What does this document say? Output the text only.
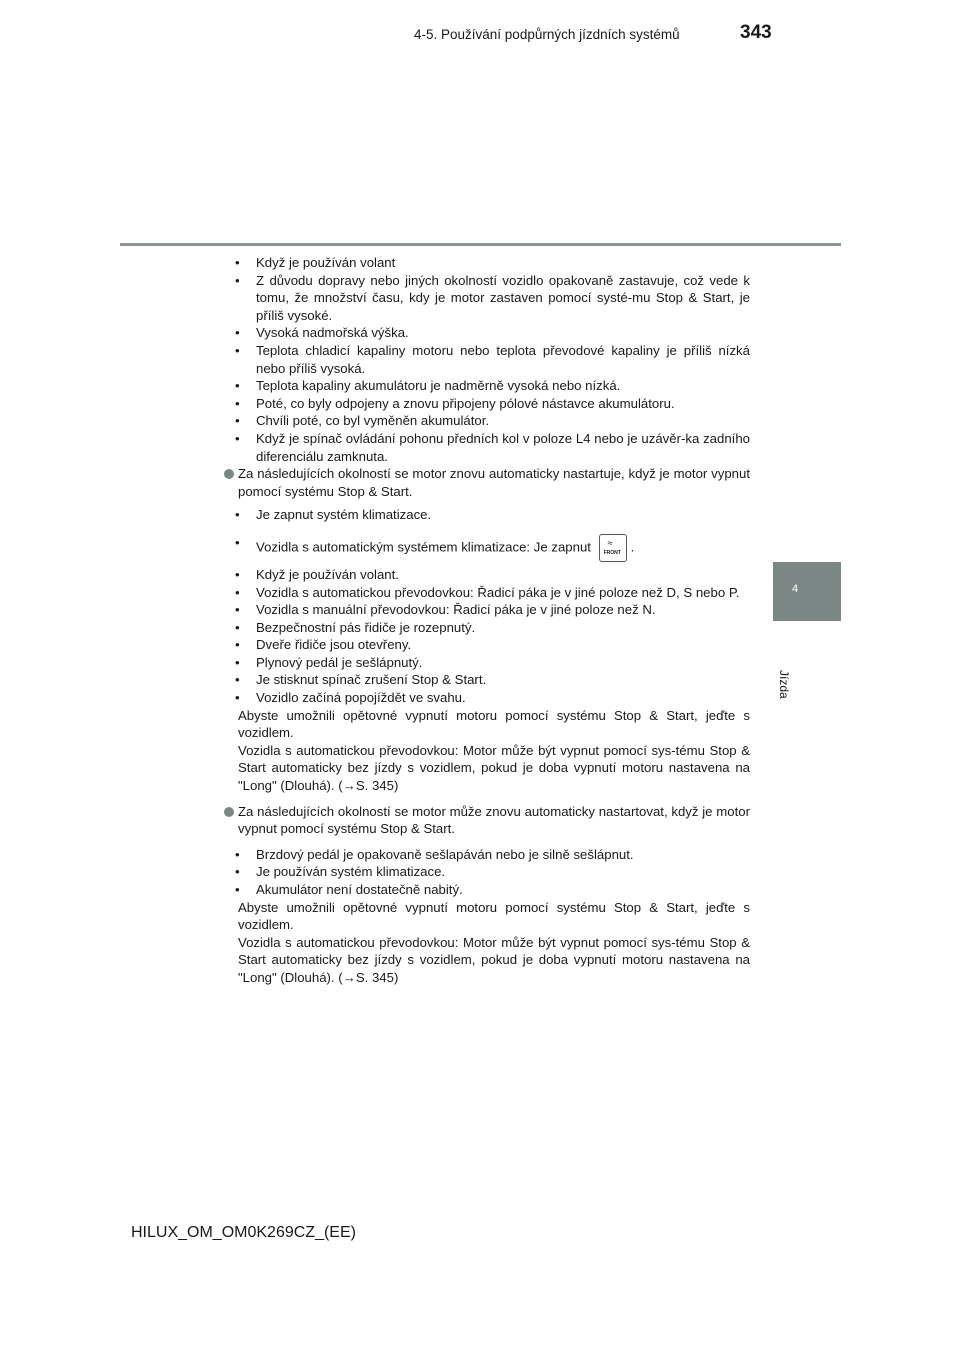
4-5. Používání podpůrných jízdních systémů	343
4
Jízda
• Když je používán volant
• Z důvodu dopravy nebo jiných okolností vozidlo opakovaně zastavuje, což vede k tomu, že množství času, kdy je motor zastaven pomocí systé-mu Stop & Start, je příliš vysoké.
• Vysoká nadmořská výška.
• Teplota chladicí kapaliny motoru nebo teplota převodové kapaliny je příliš nízká nebo příliš vysoká.
• Teplota kapaliny akumulátoru je nadměrně vysoká nebo nízká.
• Poté, co byly odpojeny a znovu připojeny pólové nástavce akumulátoru.
• Chvíli poté, co byl vyměněn akumulátor.
• Když je spínač ovládání pohonu předních kol v poloze L4 nebo je uzávěr-ka zadního diferenciálu zamknuta.
Za následujících okolností se motor znovu automaticky nastartuje, když je motor vypnut pomocí systému Stop & Start.
• Je zapnut systém klimatizace.
• Vozidla s automatickým systémem klimatizace: Je zapnut ≈
FRONT .
• Když je používán volant.
• Vozidla s automatickou převodovkou: Řadicí páka je v jiné poloze než D, S nebo P.
• Vozidla s manuální převodovkou: Řadicí páka je v jiné poloze než N.
• Bezpečnostní pás řidiče je rozepnutý.
• Dveře řidiče jsou otevřeny.
• Plynový pedál je sešlápnutý.
• Je stisknut spínač zrušení Stop & Start.
• Vozidlo začíná popojíždět ve svahu.
Abyste umožnili opětovné vypnutí motoru pomocí systému Stop & Start, jeďte s vozidlem.
Vozidla s automatickou převodovkou: Motor může být vypnut pomocí sys-tému Stop & Start automaticky bez jízdy s vozidlem, pokud je doba vypnutí motoru nastavena na "Long" (Dlouhá). (→S. 345)
Za následujících okolností se motor může znovu automaticky nastartovat, když je motor vypnut pomocí systému Stop & Start.
• Brzdový pedál je opakovaně sešlapáván nebo je silně sešlápnut.
• Je používán systém klimatizace.
• Akumulátor není dostatečně nabitý.
Abyste umožnili opětovné vypnutí motoru pomocí systému Stop & Start, jeďte s vozidlem.
Vozidla s automatickou převodovkou: Motor může být vypnut pomocí sys-tému Stop & Start automaticky bez jízdy s vozidlem, pokud je doba vypnutí motoru nastavena na "Long" (Dlouhá). (→S. 345)
HILUX_OM_OM0K269CZ_(EE)
